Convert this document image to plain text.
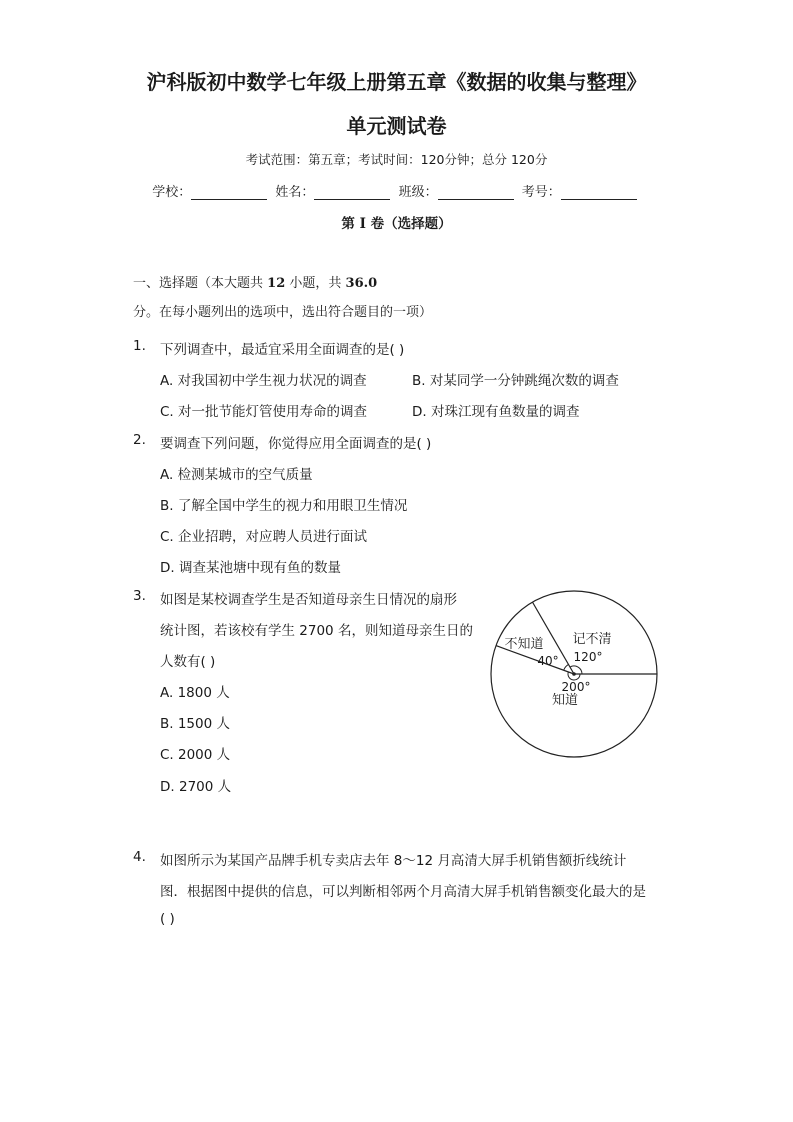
沪科版初中数学七年级上册第五章《数据的收集与整理》
单元测试卷
考试范围：第五章；考试时间：120分钟；总分 120分
学校：	姓名：	班级：	考号：
第 I 卷（选择题）
一、选择题（本大题共 12 小题，共 36.0分。在每小题列出的选项中，选出符合题目的一项）
1. 下列调查中，最适宜采用全面调查的是( )
A. 对我国初中学生视力状况的调查	B. 对某同学一分钟跳绳次数的调查
C. 对一批节能灯管使用寿命的调查	D. 对珠江现有鱼数量的调查
2. 要调查下列问题，你觉得应用全面调查的是( )
A. 检测某城市的空气质量
B. 了解全国中学生的视力和用眼卫生情况
C. 企业招聘，对应聘人员进行面试
D. 调查某池塘中现有鱼的数量
3. 如图是某校调查学生是否知道母亲生日情况的扇形
统计图，若该校有学生 2700 名，则知道母亲生日的
人数有( )
A. 1800 人
B. 1500 人
C. 2000 人
D. 2700 人
不知道
40°
记不清
120°
知道
200°
4. 如图所示为某国产品牌手机专卖店去年 8～12 月高清大屏手机销售额折线统计
图．根据图中提供的信息，可以判断相邻两个月高清大屏手机销售额变化最大的是
( )
